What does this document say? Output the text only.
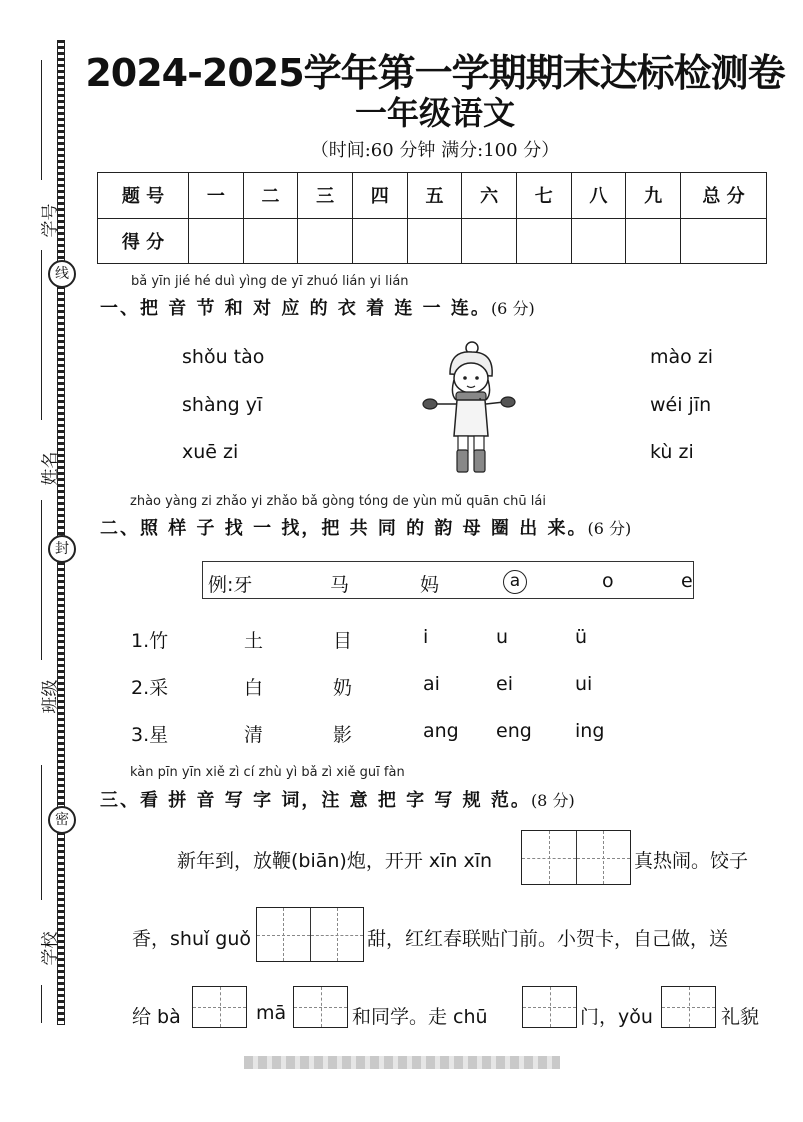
学号
姓名
班级
学校
线
封
密
2024-2025学年第一学期期末达标检测卷
一年级语文
（时间:60 分钟 满分:100 分）
题 号	一	二	三	四	五	六	七	八	九	总 分
得 分										
bǎ yīn jié hé duì yìng de yī zhuó lián yi lián
一、把 音 节 和 对 应 的 衣 着 连 一 连。(6 分)
shǒu tào
shàng yī
xuē zi
mào zi
wéi jīn
kù zi
zhào yàng zi zhǎo yi zhǎo bǎ gòng tóng de yùn mǔ quān chū lái
二、照 样 子 找 一 找，把 共 同 的 韵 母 圈 出 来。(6 分)
例:牙	马	妈	a	o	e
1.竹	土	目	i	u	ü
2.采	白	奶	ai	ei	ui
3.星	清	影	ang eng ing
kàn pīn yīn xiě zì cí zhù yì bǎ zì xiě guī fàn
三、看 拼 音 写 字 词，注 意 把 字 写 规 范。(8 分)
新年到，放鞭(biān)炮，开开 xīn xīn	真热闹。饺子
香，shuǐ guǒ	甜，红红春联贴门前。小贺卡，自己做，送
给 bà	mā	和同学。走 chū	门，yǒu	礼貌
